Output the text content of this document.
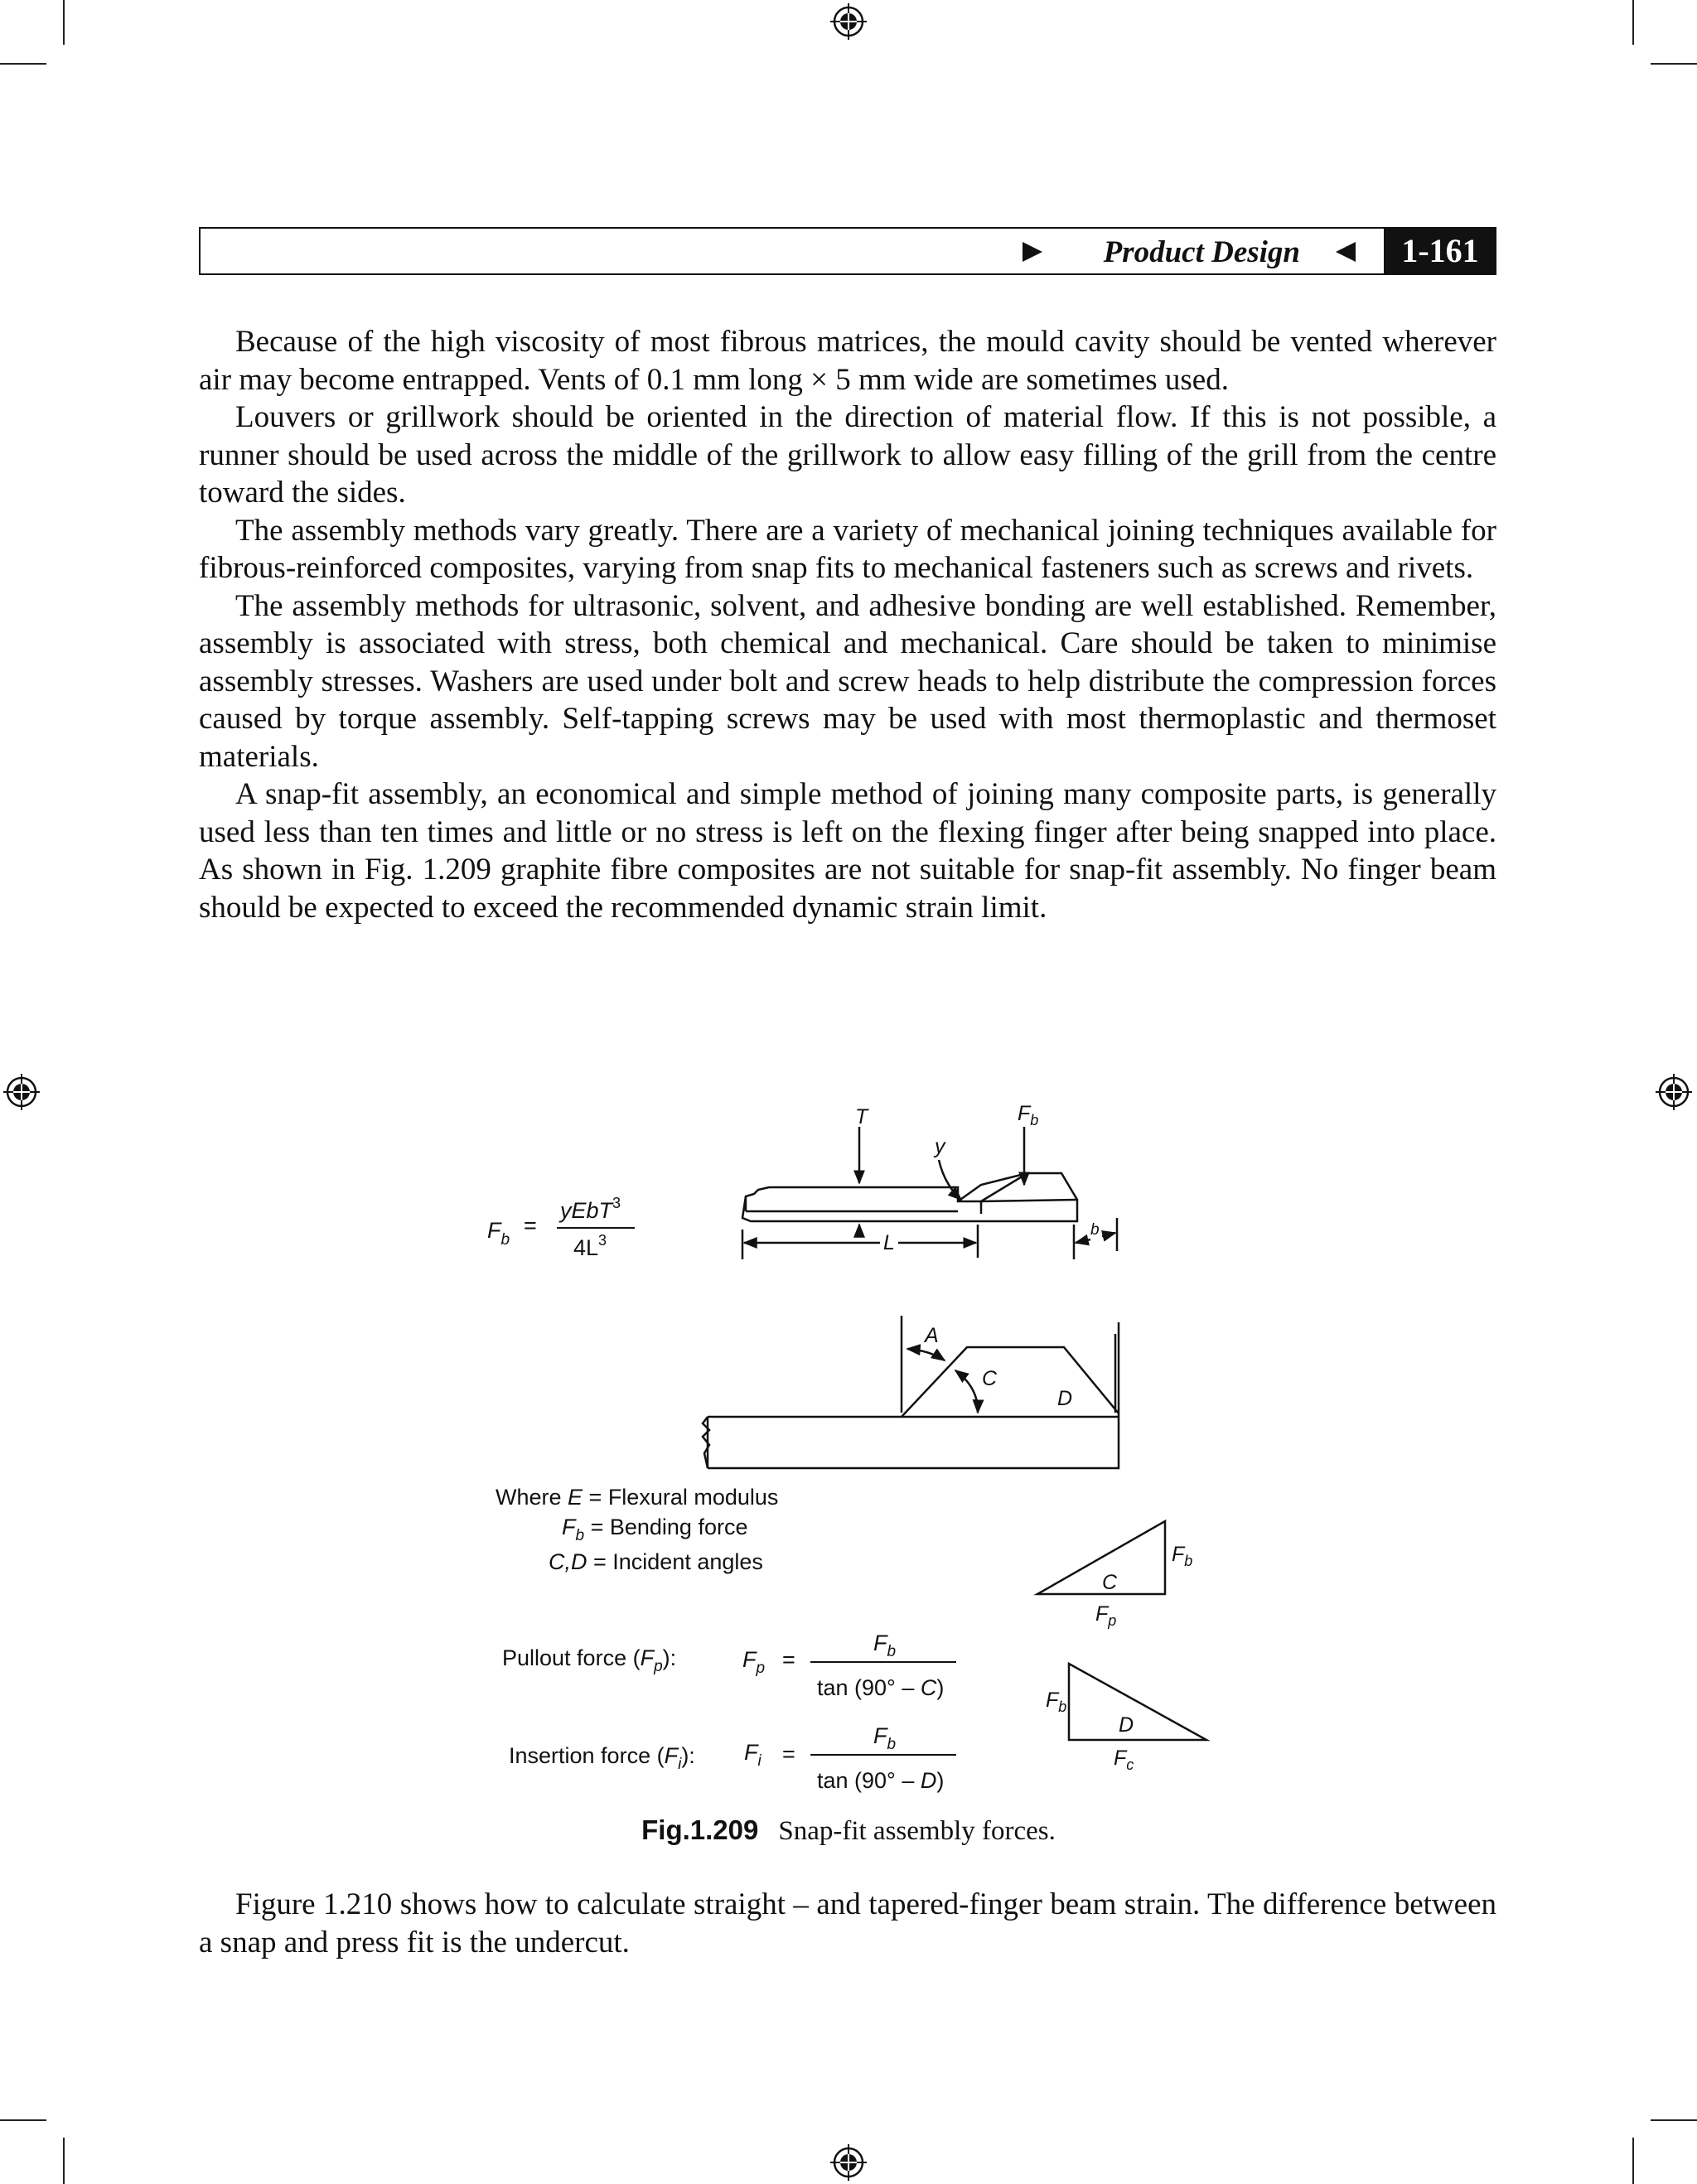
Product Design	1-161

Because of the high viscosity of most fibrous matrices, the mould cavity should be vented wherever air may become entrapped. Vents of 0.1 mm long × 5 mm wide are sometimes used.

Louvers or grillwork should be oriented in the direction of material flow. If this is not possible, a runner should be used across the middle of the grillwork to allow easy filling of the grill from the centre toward the sides.

The assembly methods vary greatly. There are a variety of mechanical joining techniques available for fibrous-reinforced composites, varying from snap fits to mechanical fasteners such as screws and rivets.

The assembly methods for ultrasonic, solvent, and adhesive bonding are well established. Remember, assembly is associated with stress, both chemical and mechanical. Care should be taken to minimise assembly stresses. Washers are used under bolt and screw heads to help distribute the compression forces caused by torque assembly. Self-tapping screws may be used with most thermoplastic and thermoset materials.

A snap-fit assembly, an economical and simple method of joining many composite parts, is generally used less than ten times and little or no stress is left on the flexing finger after being snapped into place. As shown in Fig. 1.209 graphite fibre composites are not suitable for snap-fit assembly. No finger beam should be expected to exceed the recommended dynamic strain limit.

$F_b$
=
yEbT$^3$
$4L^3$
T
y
$F_b$
L
b
A
C
D
Where E = Flexural modulus
$F_b$ = Bending force
C,D = Incident angles
C
$F_p$
$F_b$
$F_b$
D
$F_c$
Pullout force $(F_p)$:	$F_p$ =
$F_b$
tan (90° – C)
Insertion force $(F_i)$: $F_i$ =
$F_b$
tan (90° – D)
Fig.1.209 Snap-fit assembly forces.

Figure 1.210 shows how to calculate straight – and tapered-finger beam strain. The difference between a snap and press fit is the undercut.
